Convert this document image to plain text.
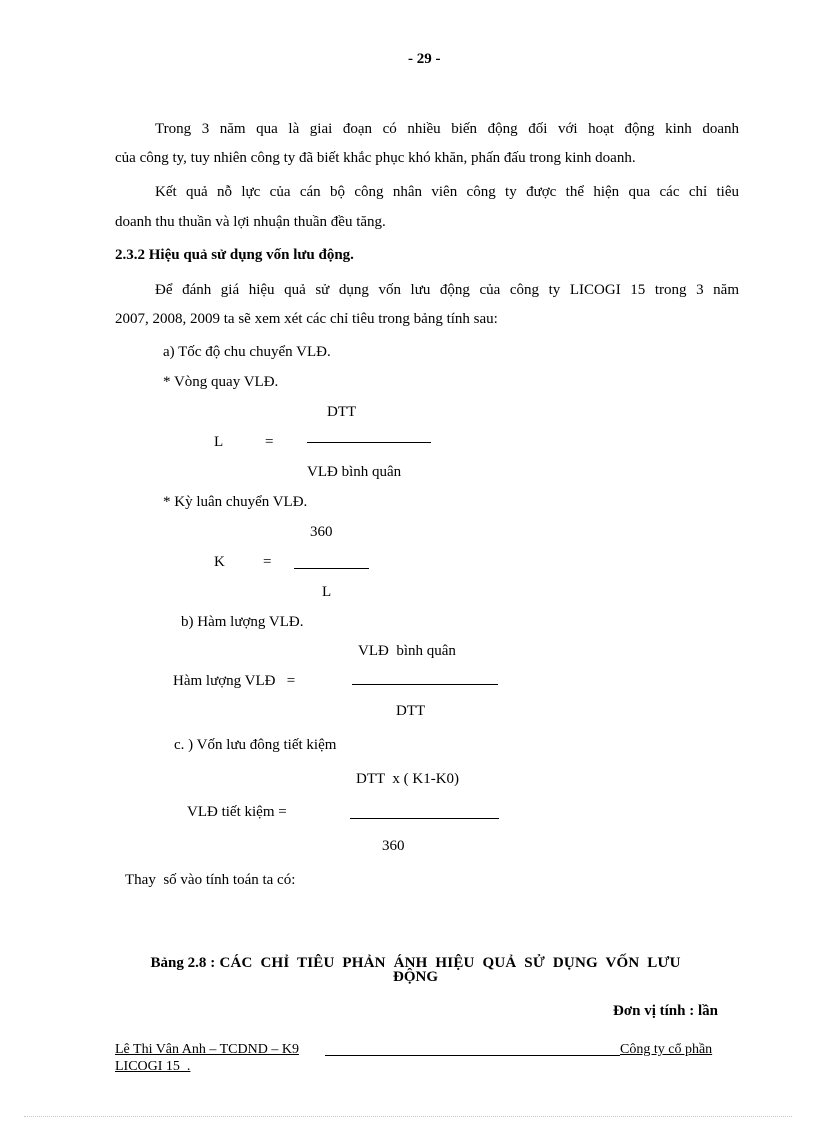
- 29 -
Trong 3 năm qua là giai đoạn có nhiều biến động đối với hoạt động kinh doanh
của công ty, tuy nhiên công ty đã biết khắc phục khó khăn, phấn đấu trong kinh doanh.
Kết quả nỗ lực của cán bộ công nhân viên công ty được thể hiện qua các chỉ tiêu
doanh thu thuần và lợi nhuận thuần đều tăng.
2.3.2 Hiệu quả sử dụng vốn lưu động.
Để đánh giá hiệu quả sử dụng vốn lưu động của công ty LICOGI 15 trong 3 năm
2007, 2008, 2009 ta sẽ xem xét các chỉ tiêu trong bảng tính sau:
a) Tốc độ chu chuyển VLĐ.
* Vòng quay VLĐ.
DTT
L	=
VLĐ bình quân
* Kỳ luân chuyển VLĐ.
360
K	=
L
b) Hàm lượng VLĐ.
VLĐ  bình quân
Hàm lượng VLĐ   =
DTT
c. ) Vốn lưu đông tiết kiệm
DTT  x ( K1-K0)
VLĐ tiết kiệm =
360
Thay  số vào tính toán ta có:

Bảng 2.8 : CÁC  CHỈ  TIÊU  PHẢN  ÁNH  HIỆU  QUẢ  SỬ  DỤNG  VỐN  LƯU

ĐỘNG
Đơn vị tính : lần
Lê Thi Vân Anh – TCDND – K9	Công ty cổ phần
LICOGI 15  .
